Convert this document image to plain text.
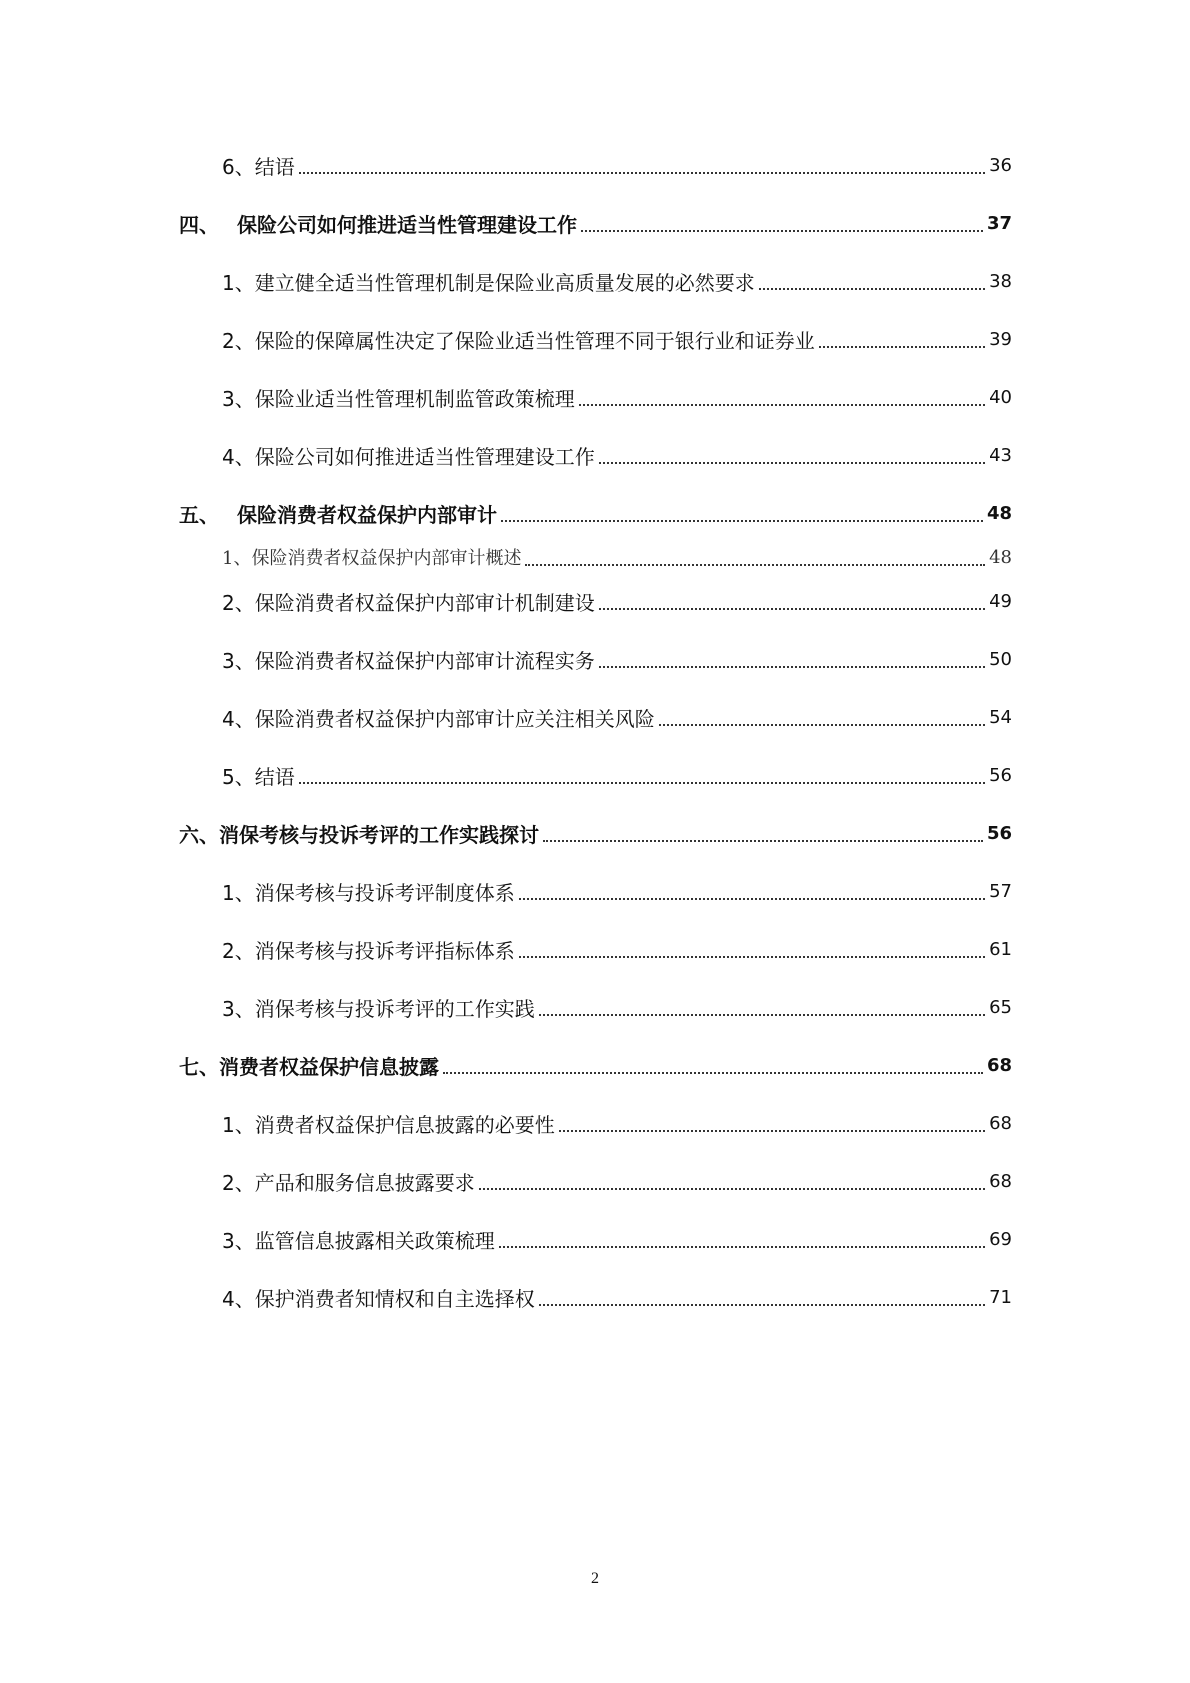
6、结语	36
四、 保险公司如何推进适当性管理建设工作	37
1、建立健全适当性管理机制是保险业高质量发展的必然要求	38
2、保险的保障属性决定了保险业适当性管理不同于银行业和证券业	39
3、保险业适当性管理机制监管政策梳理	40
4、保险公司如何推进适当性管理建设工作	43
五、 保险消费者权益保护内部审计	48
1、保险消费者权益保护内部审计概述	48
2、保险消费者权益保护内部审计机制建设	49
3、保险消费者权益保护内部审计流程实务	50
4、保险消费者权益保护内部审计应关注相关风险	54
5、结语	56
六、消保考核与投诉考评的工作实践探讨	56
1、消保考核与投诉考评制度体系	57
2、消保考核与投诉考评指标体系	61
3、消保考核与投诉考评的工作实践	65
七、消费者权益保护信息披露	68
1、消费者权益保护信息披露的必要性	68
2、产品和服务信息披露要求	68
3、监管信息披露相关政策梳理	69
4、保护消费者知情权和自主选择权	71
2
